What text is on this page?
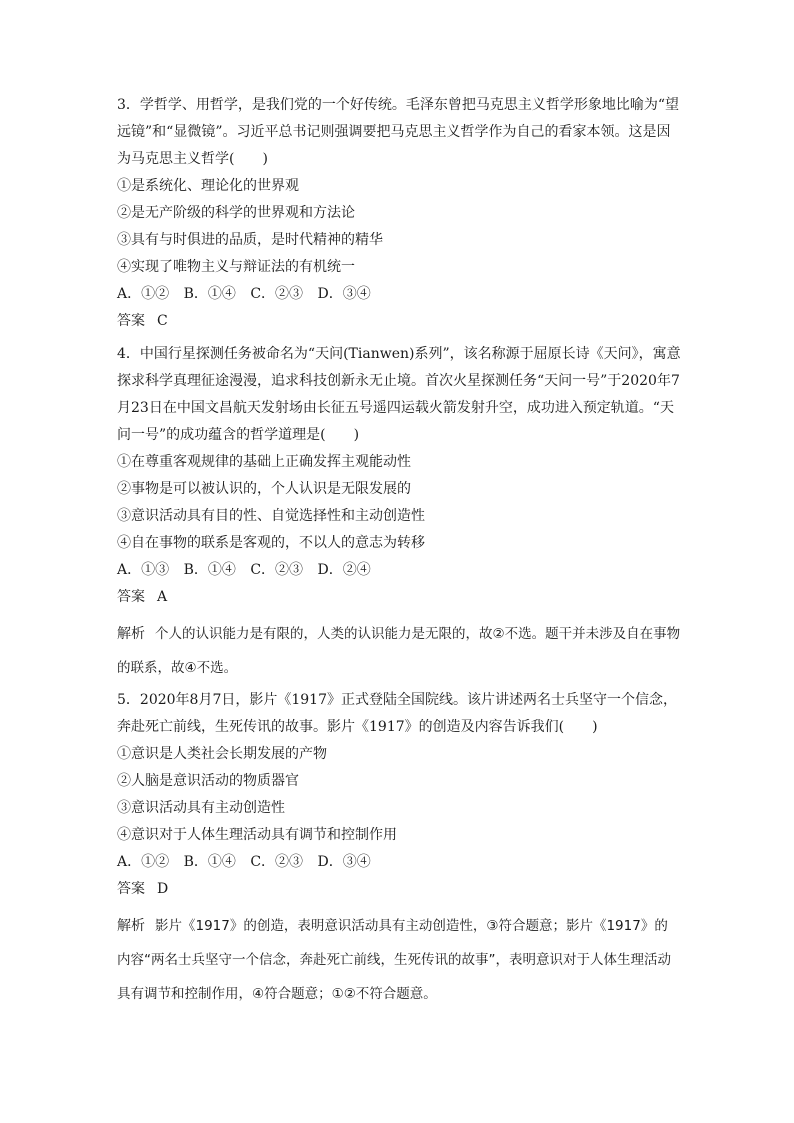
3．学哲学、用哲学，是我们党的一个好传统。毛泽东曾把马克思主义哲学形象地比喻为“望远镜”和“显微镜”。习近平总书记则强调要把马克思主义哲学作为自己的看家本领。这是因为马克思主义哲学(　　)
①是系统化、理论化的世界观
②是无产阶级的科学的世界观和方法论
③具有与时俱进的品质，是时代精神的精华
④实现了唯物主义与辩证法的有机统一
A．①② B．①④ C．②③ D．③④
答案 C
4．中国行星探测任务被命名为“天问(Tianwen)系列”，该名称源于屈原长诗《天问》，寓意探求科学真理征途漫漫，追求科技创新永无止境。首次火星探测任务“天问一号”于2020年7月23日在中国文昌航天发射场由长征五号遥四运载火箭发射升空，成功进入预定轨道。“天问一号”的成功蕴含的哲学道理是(　　)
①在尊重客观规律的基础上正确发挥主观能动性
②事物是可以被认识的，个人认识是无限发展的
③意识活动具有目的性、自觉选择性和主动创造性
④自在事物的联系是客观的，不以人的意志为转移
A．①③ B．①④ C．②③ D．②④
答案 A
解析 个人的认识能力是有限的，人类的认识能力是无限的，故②不选。题干并未涉及自在事物的联系，故④不选。
5．2020年8月7日，影片《1917》正式登陆全国院线。该片讲述两名士兵坚守一个信念，奔赴死亡前线，生死传讯的故事。影片《1917》的创造及内容告诉我们(　　)
①意识是人类社会长期发展的产物
②人脑是意识活动的物质器官
③意识活动具有主动创造性
④意识对于人体生理活动具有调节和控制作用
A．①② B．①④ C．②③ D．③④
答案 D
解析 影片《1917》的创造，表明意识活动具有主动创造性，③符合题意；影片《1917》的内容“两名士兵坚守一个信念，奔赴死亡前线，生死传讯的故事”，表明意识对于人体生理活动具有调节和控制作用，④符合题意；①②不符合题意。
